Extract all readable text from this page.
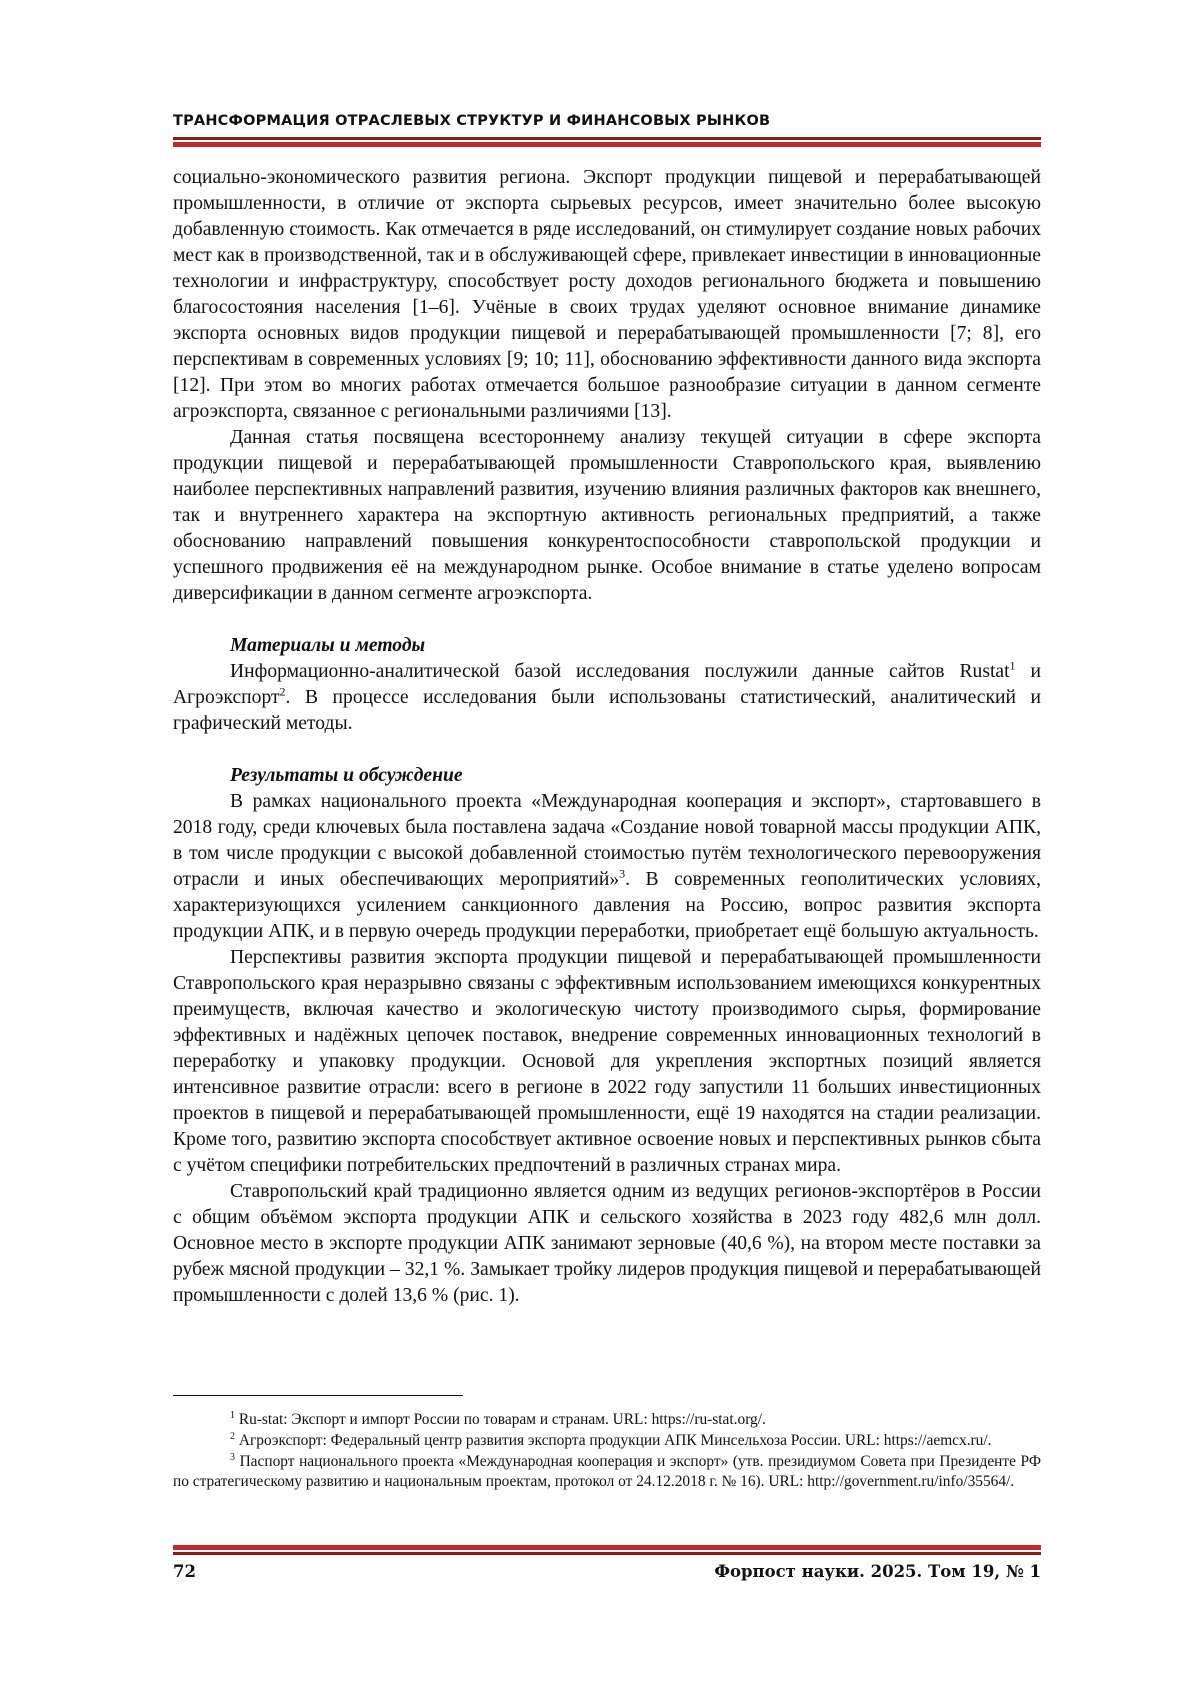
ТРАНСФОРМАЦИЯ ОТРАСЛЕВЫХ СТРУКТУР И ФИНАНСОВЫХ РЫНКОВ

социально-экономического развития региона. Экспорт продукции пищевой и перерабатывающей промышленности, в отличие от экспорта сырьевых ресурсов, имеет значительно более высокую добавленную стоимость. Как отмечается в ряде исследований, он стимулирует создание новых рабочих мест как в производственной, так и в обслуживающей сфере, привлекает инвестиции в инновационные технологии и инфраструктуру, способствует росту доходов регионального бюджета и повышению благосостояния населения [1–6]. Учёные в своих трудах уделяют основное внимание динамике экспорта основных видов продукции пищевой и перерабатывающей промышленности [7; 8], его перспективам в современных условиях [9; 10; 11], обоснованию эффективности данного вида экспорта [12]. При этом во многих работах отмечается большое разнообразие ситуации в данном сегменте агроэкспорта, связанное с региональными различиями [13].

Данная статья посвящена всестороннему анализу текущей ситуации в сфере экспорта продукции пищевой и перерабатывающей промышленности Ставропольского края, выявлению наиболее перспективных направлений развития, изучению влияния различных факторов как внешнего, так и внутреннего характера на экспортную активность региональных предприятий, а также обоснованию направлений повышения конкурентоспособности ставропольской продукции и успешного продвижения её на международном рынке. Особое внимание в статье уделено вопросам диверсификации в данном сегменте агроэкспорта.

Материалы и методы

Информационно-аналитической базой исследования послужили данные сайтов Rustat$^1$ и Агроэкспорт$^2$. В процессе исследования были использованы статистический, аналитический и графический методы.

Результаты и обсуждение

В рамках национального проекта «Международная кооперация и экспорт», стартовавшего в 2018 году, среди ключевых была поставлена задача «Создание новой товарной массы продукции АПК, в том числе продукции с высокой добавленной стоимостью путём технологического перевооружения отрасли и иных обеспечивающих мероприятий»$^3$. В современных геополитических условиях, характеризующихся усилением санкционного давления на Россию, вопрос развития экспорта продукции АПК, и в первую очередь продукции переработки, приобретает ещё большую актуальность.

Перспективы развития экспорта продукции пищевой и перерабатывающей промышленности Ставропольского края неразрывно связаны с эффективным использованием имеющихся конкурентных преимуществ, включая качество и экологическую чистоту производимого сырья, формирование эффективных и надёжных цепочек поставок, внедрение современных инновационных технологий в переработку и упаковку продукции. Основой для укрепления экспортных позиций является интенсивное развитие отрасли: всего в регионе в 2022 году запустили 11 больших инвестиционных проектов в пищевой и перерабатывающей промышленности, ещё 19 находятся на стадии реализации. Кроме того, развитию экспорта способствует активное освоение новых и перспективных рынков сбыта с учётом специфики потребительских предпочтений в различных странах мира.

Ставропольский край традиционно является одним из ведущих регионов-экспортёров в России с общим объёмом экспорта продукции АПК и сельского хозяйства в 2023 году 482,6 млн долл. Основное место в экспорте продукции АПК занимают зерновые (40,6 %), на втором месте поставки за рубеж мясной продукции – 32,1 %. Замыкает тройку лидеров продукция пищевой и перерабатывающей промышленности с долей 13,6 % (рис. 1).

$^1$ Ru-stat: Экспорт и импорт России по товарам и странам. URL: https://ru-stat.org/.

$^2$ Агроэкспорт: Федеральный центр развития экспорта продукции АПК Минсельхоза России. URL: https://aemcx.ru/.

$^3$ Паспорт национального проекта «Международная кооперация и экспорт» (утв. президиумом Совета при Президенте РФ по стратегическому развитию и национальным проектам, протокол от 24.12.2018 г. № 16). URL: http://government.ru/info/35564/.

72	Форпост науки. 2025. Том 19, № 1
